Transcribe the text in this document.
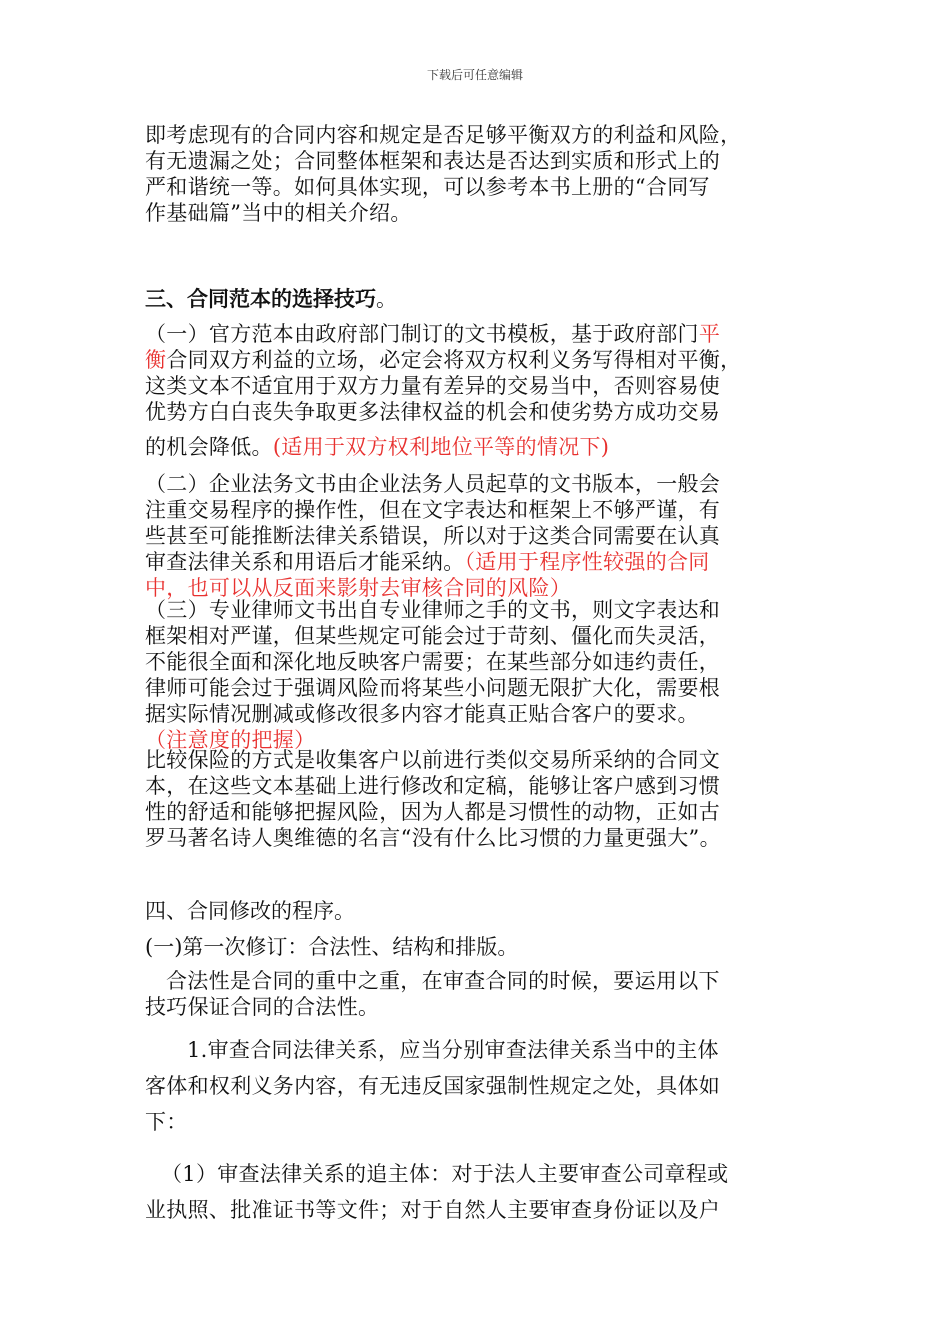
下载后可任意编辑
即考虑现有的合同内容和规定是否足够平衡双方的利益和风险，
有无遗漏之处；合同整体框架和表达是否达到实质和形式上的
严和谐统一等。如何具体实现，可以参考本书上册的“合同写
作基础篇”当中的相关介绍。
三、合同范本的选择技巧。
（一）官方范本由政府部门制订的文书模板，基于政府部门平
衡合同双方利益的立场，必定会将双方权利义务写得相对平衡，
这类文本不适宜用于双方力量有差异的交易当中，否则容易使
优势方白白丧失争取更多法律权益的机会和使劣势方成功交易
的机会降低。(适用于双方权利地位平等的情况下)
（二）企业法务文书由企业法务人员起草的文书版本，一般会
注重交易程序的操作性，但在文字表达和框架上不够严谨，有
些甚至可能推断法律关系错误，所以对于这类合同需要在认真
审查法律关系和用语后才能采纳。（适用于程序性较强的合同
中，也可以从反面来影射去审核合同的风险）
（三）专业律师文书出自专业律师之手的文书，则文字表达和
框架相对严谨，但某些规定可能会过于苛刻、僵化而失灵活，
不能很全面和深化地反映客户需要；在某些部分如违约责任，
律师可能会过于强调风险而将某些小问题无限扩大化，需要根
据实际情况删减或修改很多内容才能真正贴合客户的要求。
（注意度的把握）
比较保险的方式是收集客户以前进行类似交易所采纳的合同文
本，在这些文本基础上进行修改和定稿，能够让客户感到习惯
性的舒适和能够把握风险，因为人都是习惯性的动物，正如古
罗马著名诗人奥维德的名言“没有什么比习惯的力量更强大”。
四、合同修改的程序。
(一)第一次修订：合法性、结构和排版。
合法性是合同的重中之重，在审查合同的时候，要运用以下
技巧保证合同的合法性。
1.审查合同法律关系，应当分别审查法律关系当中的主体
客体和权利义务内容，有无违反国家强制性规定之处，具体如
下：
（1）审查法律关系的追主体：对于法人主要审查公司章程或
业执照、批准证书等文件；对于自然人主要审查身份证以及户
